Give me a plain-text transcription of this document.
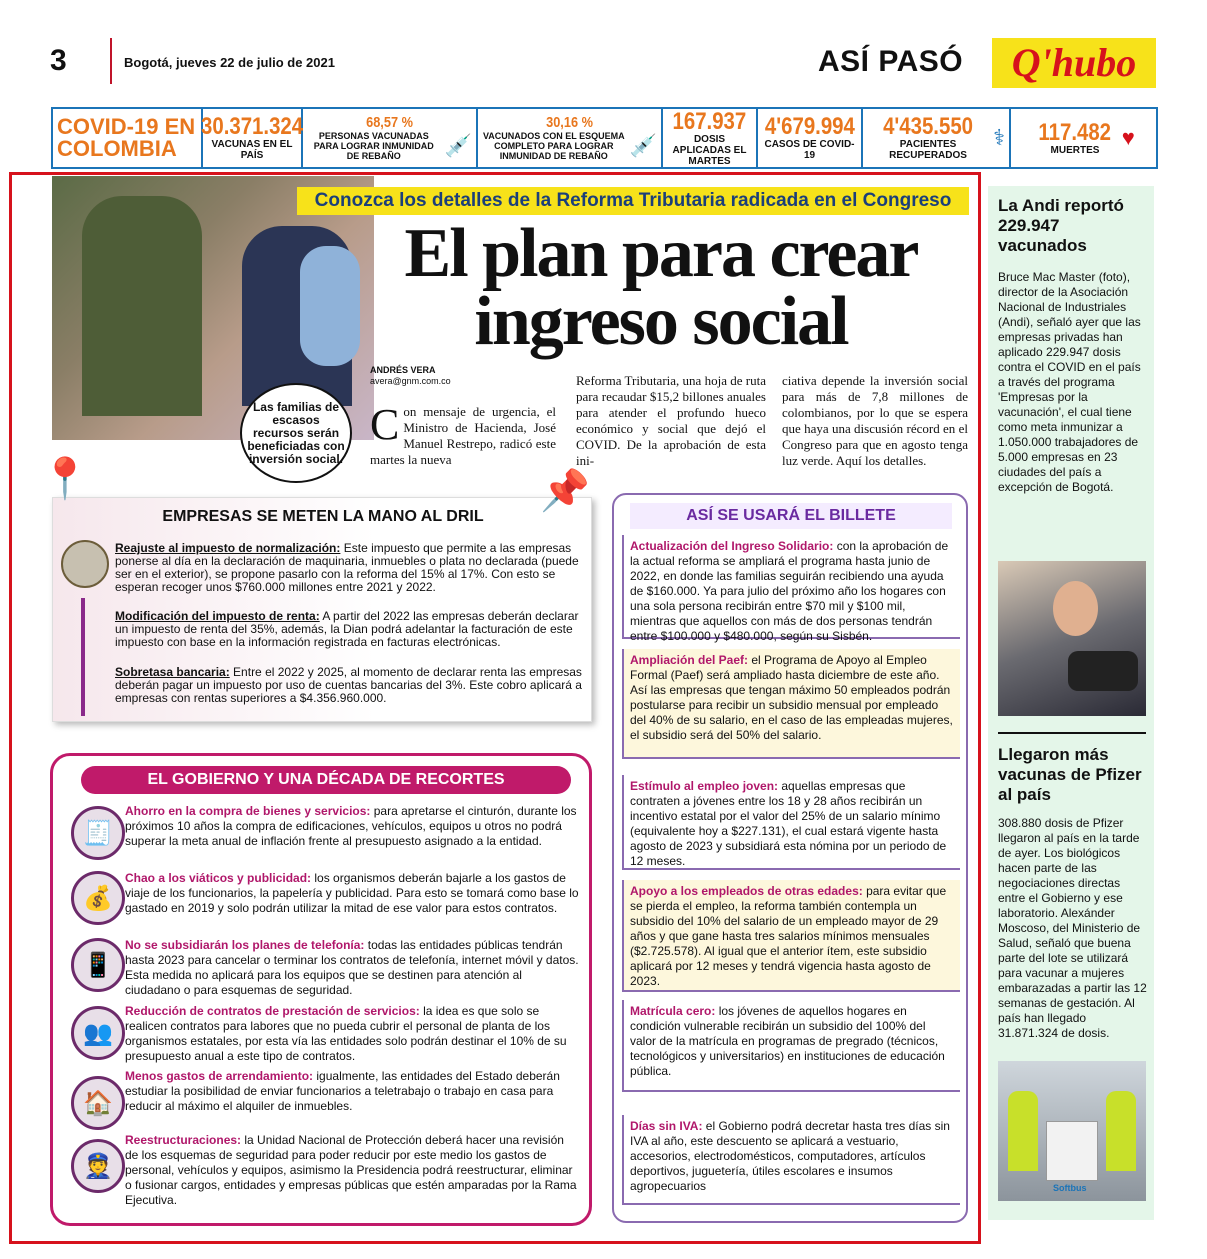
3	Bogotá, jueves 22 de julio de 2021	ASÍ PASÓ	Q'hubo
COVID-19 EN COLOMBIA
30.371.324
VACUNAS EN EL PAÍS
68,57 %
PERSONAS VACUNADAS PARA LOGRAR INMUNIDAD DE REBAÑO	💉
30,16 %
VACUNADOS CON EL ESQUEMA COMPLETO PARA LOGRAR INMUNIDAD DE REBAÑO 💉
167.937
DOSIS APLICADAS EL MARTES
4'679.994
CASOS DE COVID-19
4'435.550
PACIENTES RECUPERADOS
⚕ 117.482
MUERTES	♥
Las familias de escasos recursos serán beneficiadas con inversión social.
Conozca los detalles de la Reforma Tributaria radicada en el Congreso
El plan para crear ingreso social
ANDRÉS VERA
avera@gnm.com.co
Con mensaje de urgencia, el Ministro de Hacienda, José Manuel Restrepo, radicó este martes la nueva
Reforma Tributaria, una hoja de ruta para recaudar $15,2 billones anuales para atender el profundo hueco económico y social que dejó el COVID. De la aprobación de esta ini-
ciativa depende la inversión social para más de 7,8 millones de colombianos, por lo que se espera que haya una discusión récord en el Congreso para que en agosto tenga luz verde. Aquí los detalles.
EMPRESAS SE METEN LA MANO AL DRIL
Reajuste al impuesto de normalización: Este impuesto que permite a las empresas ponerse al día en la declaración de maquinaria, inmuebles o plata no declarada (puede ser en el exterior), se propone pasarlo con la reforma del 15% al 17%. Con esto se esperan recoger unos $760.000 millones entre 2021 y 2022.
Modificación del impuesto de renta: A partir del 2022 las empresas deberán declarar un impuesto de renta del 35%, además, la Dian podrá adelantar la facturación de este impuesto con base en la información registrada en facturas electrónicas.
Sobretasa bancaria: Entre el 2022 y 2025, al momento de declarar renta las empresas deberán pagar un impuesto por uso de cuentas bancarias del 3%. Este cobro aplicará a empresas con rentas superiores a $4.356.960.000.
📍	📌
EL GOBIERNO Y UNA DÉCADA DE RECORTES
🧾
Ahorro en la compra de bienes y servicios: para apretarse el cinturón, durante los próximos 10 años la compra de edificaciones, vehículos, equipos u otros no podrá superar la meta anual de inflación frente al presupuesto asignado a la entidad.
💰
Chao a los viáticos y publicidad: los organismos deberán bajarle a los gastos de viaje de los funcionarios, la papelería y publicidad. Para esto se tomará como base lo gastado en 2019 y solo podrán utilizar la mitad de ese valor para estos contratos.
📱
No se subsidiarán los planes de telefonía: todas las entidades públicas tendrán hasta 2023 para cancelar o terminar los contratos de telefonía, internet móvil y datos. Esta medida no aplicará para los equipos que se destinen para atención al ciudadano o para esquemas de seguridad.
👥
Reducción de contratos de prestación de servicios: la idea es que solo se realicen contratos para labores que no pueda cubrir el personal de planta de los organismos estatales, por esta vía las entidades solo podrán destinar el 10% de su presupuesto anual a este tipo de contratos.
🏠
Menos gastos de arrendamiento: igualmente, las entidades del Estado deberán estudiar la posibilidad de enviar funcionarios a teletrabajo o trabajo en casa para reducir al máximo el alquiler de inmuebles.
👮
Reestructuraciones: la Unidad Nacional de Protección deberá hacer una revisión de los esquemas de seguridad para poder reducir por este medio los gastos de personal, vehículos y equipos, asimismo la Presidencia podrá reestructurar, eliminar o fusionar cargos, entidades y empresas públicas que estén amparadas por la Rama Ejecutiva.
ASÍ SE USARÁ EL BILLETE
Actualización del Ingreso Solidario: con la aprobación de la actual reforma se ampliará el programa hasta junio de 2022, en donde las familias seguirán recibiendo una ayuda de $160.000. Ya para julio del próximo año los hogares con una sola persona recibirán entre $70 mil y $100 mil, mientras que aquellos con más de dos personas tendrán entre $100.000 y $480.000, según su Sisbén.
Ampliación del Paef: el Programa de Apoyo al Empleo Formal (Paef) será ampliado hasta diciembre de este año. Así las empresas que tengan máximo 50 empleados podrán postularse para recibir un subsidio mensual por empleado del 40% de su salario, en el caso de las empleadas mujeres, el subsidio será del 50% del salario.
Estímulo al empleo joven: aquellas empresas que contraten a jóvenes entre los 18 y 28 años recibirán un incentivo estatal por el valor del 25% de un salario mínimo (equivalente hoy a $227.131), el cual estará vigente hasta agosto de 2023 y subsidiará esta nómina por un periodo de 12 meses.
Apoyo a los empleados de otras edades: para evitar que se pierda el empleo, la reforma también contempla un subsidio del 10% del salario de un empleado mayor de 29 años y que gane hasta tres salarios mínimos mensuales ($2.725.578). Al igual que el anterior ítem, este subsidio aplicará por 12 meses y tendrá vigencia hasta agosto de 2023.
Matrícula cero: los jóvenes de aquellos hogares en condición vulnerable recibirán un subsidio del 100% del valor de la matrícula en programas de pregrado (técnicos, tecnológicos y universitarios) en instituciones de educación pública.
Días sin IVA: el Gobierno podrá decretar hasta tres días sin IVA al año, este descuento se aplicará a vestuario, accesorios, electrodomésticos, computadores, artículos deportivos, juguetería, útiles escolares e insumos agropecuarios
La Andi reportó 229.947 vacunados
Bruce Mac Master (foto), director de la Asociación Nacional de Industriales (Andi), señaló ayer que las empresas privadas han aplicado 229.947 dosis contra el COVID en el país a través del programa 'Empresas por la vacunación', el cual tiene como meta inmunizar a 1.050.000 trabajadores de 5.000 empresas en 23 ciudades del país a excepción de Bogotá.
Llegaron más vacunas de Pfizer al país
308.880 dosis de Pfizer llegaron al país en la tarde de ayer. Los biológicos hacen parte de las negociaciones directas entre el Gobierno y ese laboratorio. Alexánder Moscoso, del Ministerio de Salud, señaló que buena parte del lote se utilizará para vacunar a mujeres embarazadas a partir las 12 semanas de gestación. Al país han llegado 31.871.324 de dosis.
Softbus
